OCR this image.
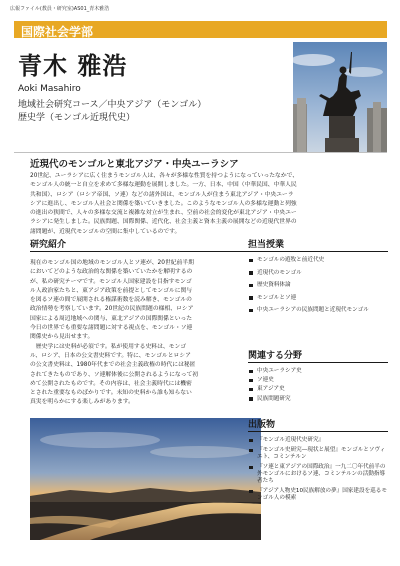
広報ファイル(教員・研究室)AS01_青木雅浩
国際社会学部
青木 雅浩
Aoki Masahiro
地域社会研究コース／中央アジア（モンゴル）
歴史学（モンゴル近現代史）
近現代のモンゴルと東北アジア・中央ユーラシア
20世紀、ユーラシアに広く住まうモンゴル人は、各々が多様な性質を持つようになっていったなかで、
モンゴル人の統一と自立を求めて多様な運動を展開しました。一方、日本、中国（中華民国、中華人民
共和国）、ロシア（ロシア帝国、ソ連）などの諸外国は、モンゴル人が住まう東北アジア・中央ユーラ
シアに進出し、モンゴル人社会と関係を築いていきました。このようなモンゴル人の多様な運動と列強
の進出の狭間で、人々の多様な交流と複雑な対立が生まれ、空前の社会的変化が東北アジア・中央ユー
ラシアに発生しました。民族問題、国際関係、近代化、社会主義と資本主義の展開などの近現代世界の
諸問題が、近現代モンゴルの空間に集中しているのです。
研究紹介
現在のモンゴル国の地域のモンゴル人とソ連が、20世紀前半期
においてどのような政治的な関係を築いていたかを解明するの
が、私の研究テーマです。モンゴル人国家建設を目指すモンゴ
ル人政治家たちと、東アジア政策を前提としてモンゴルに関与
を図るソ連の間で展開される権謀術数を読み解き、モンゴルの
政治情勢を考察しています。20世紀の民族問題の様相、ロシア
国家による周辺地域への関与、東北アジアの国際関係といった
今日の世界でも重要な諸問題に対する視点を、モンゴル・ソ連
関係史から見出せます。
　歴史学には史料が必須です。私が使用する史料は、モンゴ
ル、ロシア、日本の公文書史料です。特に、モンゴルとロシア
の公文書史料は、1980年代までの社会主義政権の時代には秘匿
されてきたものであり、ソ連解体後に公開されるようになって初
めて公開されたものです。その内容は、社会主義時代には機密
とされた重要なものばかりです。未知の史料から誰も知らない
真実を明らかにする楽しみがあります。
担当授業
モンゴルの遊牧と前近代史
近現代のモンゴル
歴史資料体論
モンゴルとソ連
中央ユーラシアの民族問題と近現代モンゴル
関連する分野
中央ユーラシア史
ソ連史
東アジア史
民族問題研究
出版物
『モンゴル近現代史研究』
『モンゴル史研究―現状と展望』モンゴルとソヴィエト、コミンテルン
『ソ連と東アジアの国際政治』一九二〇年代前半の外モンゴルにおけるソ連、コミンテルンの活動指導者たち
『アジア人物史10民族解放の夢』国家建設を巡るモンゴル人の模索
